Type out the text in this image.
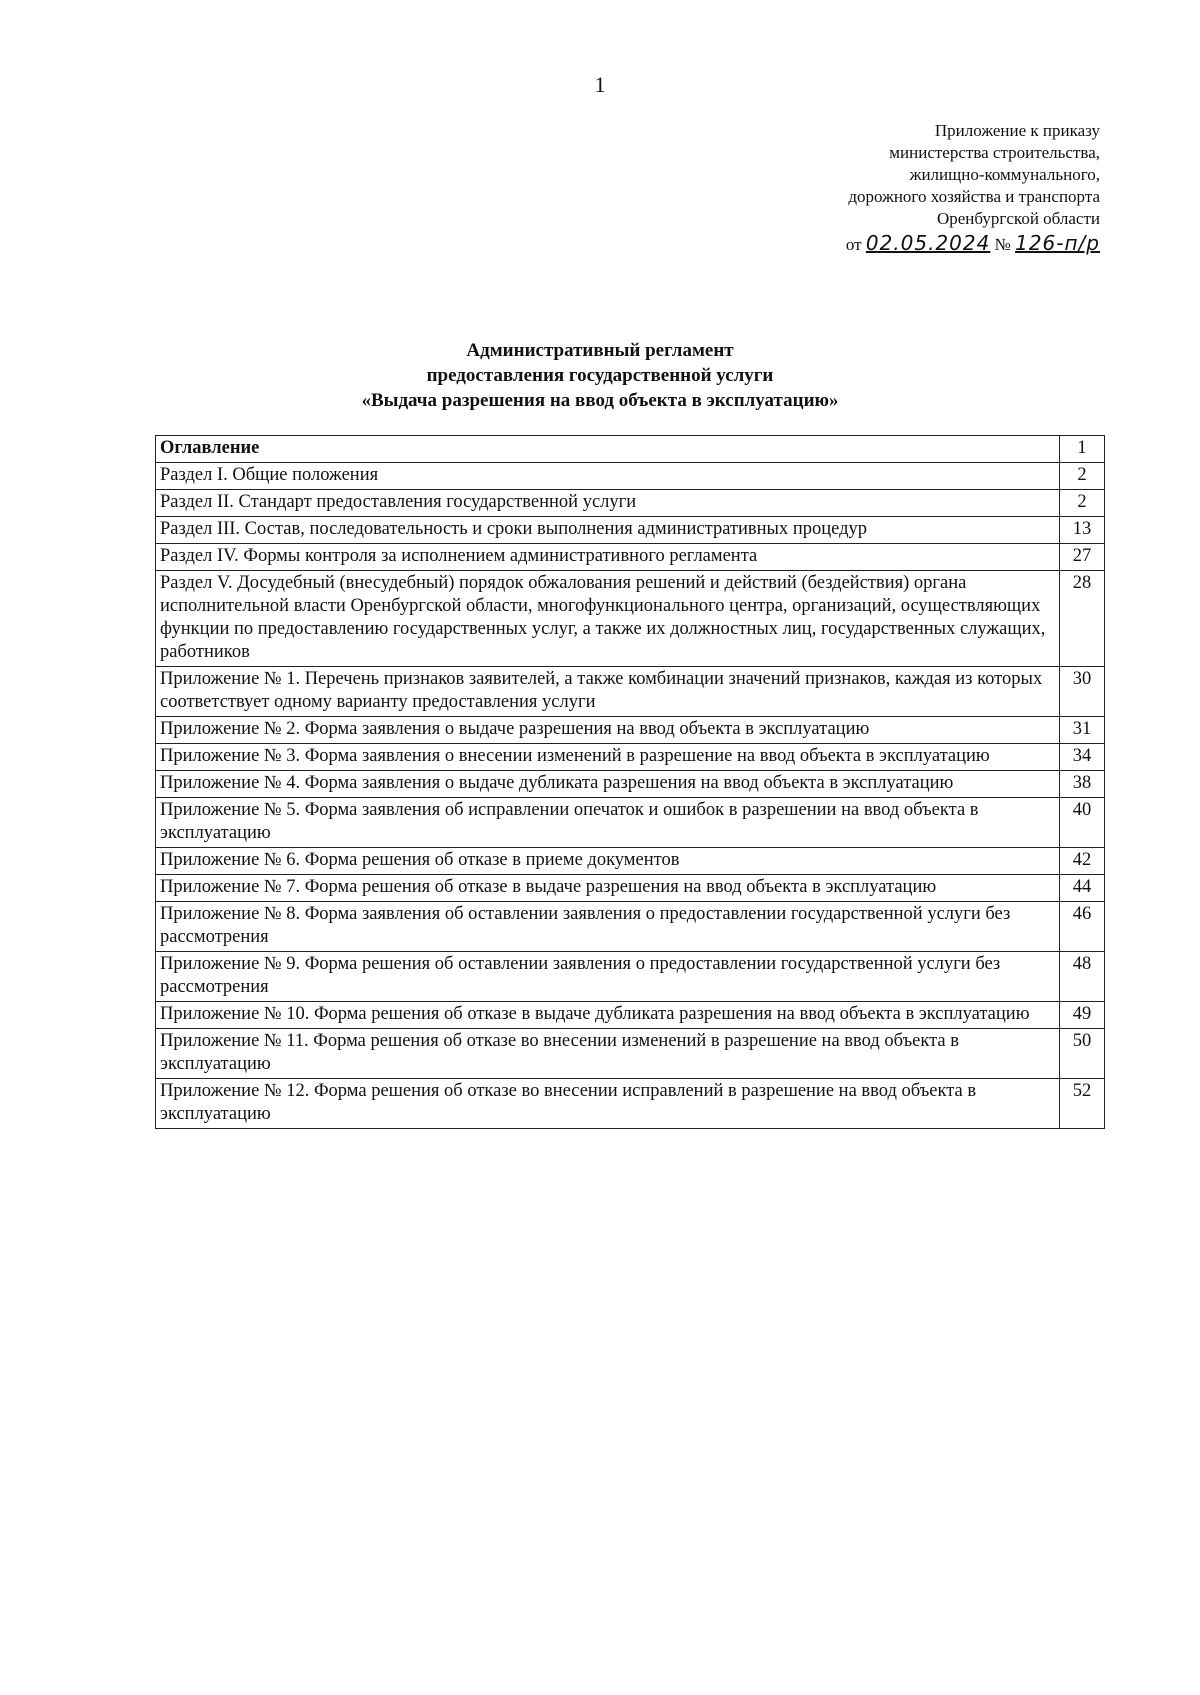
1
Приложение к приказу
министерства строительства,
жилищно-коммунального,
дорожного хозяйства и транспорта
Оренбургской области
от 02.05.2024 № 126-п/р
Административный регламент
предоставления государственной услуги
«Выдача разрешения на ввод объекта в эксплуатацию»
Оглавление	1
Раздел I. Общие положения	2
Раздел II. Стандарт предоставления государственной услуги	2
Раздел III. Состав, последовательность и сроки выполнения административных процедур	13
Раздел IV. Формы контроля за исполнением административного регламента	27
Раздел V. Досудебный (внесудебный) порядок обжалования решений и действий (бездействия) органа исполнительной власти Оренбургской области, многофункционального центра, организаций, осуществляющих функции по предоставлению государственных услуг, а также их должностных лиц, государственных служащих, работников	28
Приложение № 1. Перечень признаков заявителей, а также комбинации значений признаков, каждая из которых соответствует одному варианту предоставления услуги	30
Приложение № 2. Форма заявления о выдаче разрешения на ввод объекта в эксплуатацию	31
Приложение № 3. Форма заявления о внесении изменений в разрешение на ввод объекта в эксплуатацию	34
Приложение № 4. Форма заявления о выдаче дубликата разрешения на ввод объекта в эксплуатацию	38
Приложение № 5. Форма заявления об исправлении опечаток и ошибок в разрешении на ввод объекта в эксплуатацию	40
Приложение № 6. Форма решения об отказе в приеме документов	42
Приложение № 7. Форма решения об отказе в выдаче разрешения на ввод объекта в эксплуатацию	44
Приложение № 8. Форма заявления об оставлении заявления о предоставлении государственной услуги без рассмотрения	46
Приложение № 9. Форма решения об оставлении заявления о предоставлении государственной услуги без рассмотрения	48
Приложение № 10. Форма решения об отказе в выдаче дубликата разрешения на ввод объекта в эксплуатацию	49
Приложение № 11. Форма решения об отказе во внесении изменений в разрешение на ввод объекта в эксплуатацию	50
Приложение № 12. Форма решения об отказе во внесении исправлений в разрешение на ввод объекта в эксплуатацию	52
